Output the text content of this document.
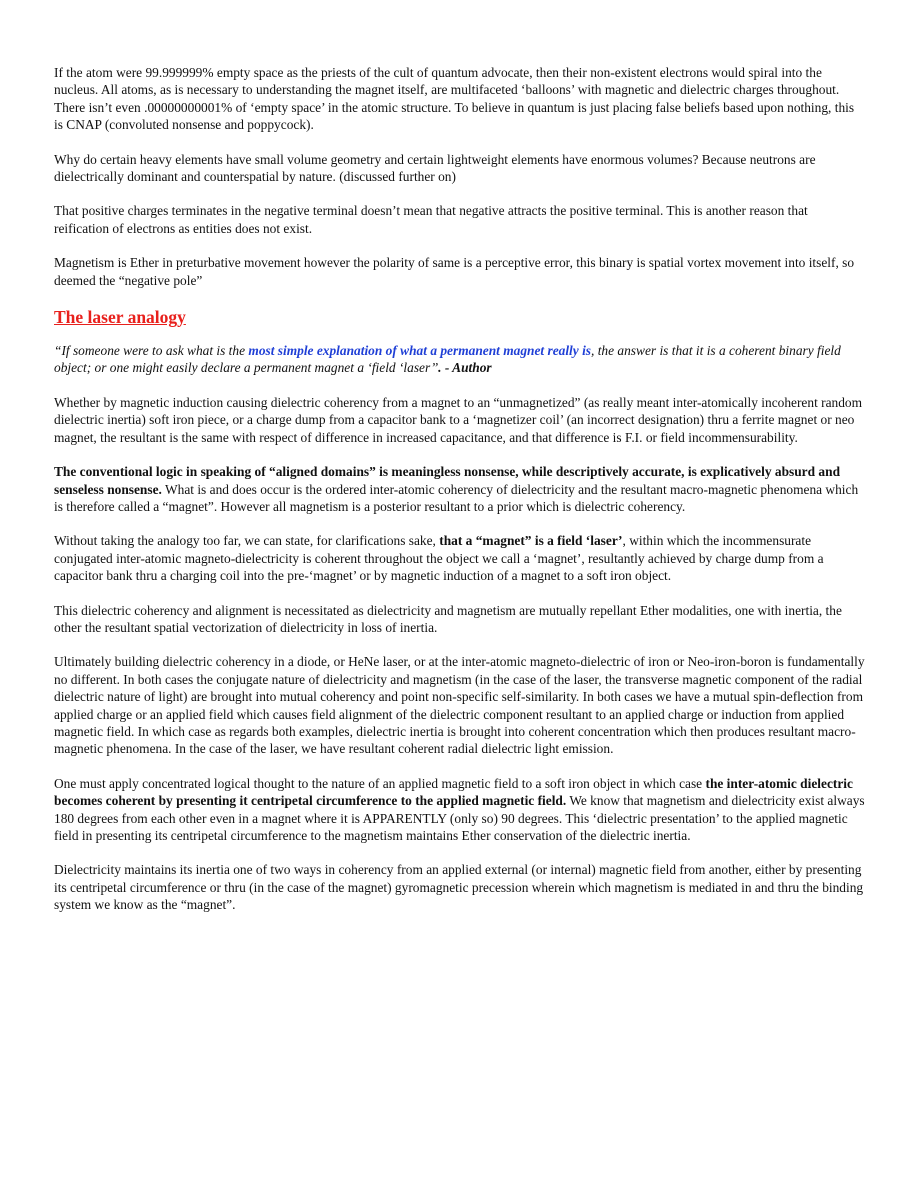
If the atom were 99.999999% empty space as the priests of the cult of quantum advocate, then their non-existent electrons would spiral into the nucleus. All atoms, as is necessary to understanding the magnet itself, are multifaceted ‘balloons’ with magnetic and dielectric charges throughout. There isn’t even .00000000001% of ‘empty space’ in the atomic structure. To believe in quantum is just placing false beliefs based upon nothing, this is CNAP (convoluted nonsense and poppycock).

Why do certain heavy elements have small volume geometry and certain lightweight elements have enormous volumes? Because neutrons are dielectrically dominant and counterspatial by nature. (discussed further on)

That positive charges terminates in the negative terminal doesn’t mean that negative attracts the positive terminal. This is another reason that reification of electrons as entities does not exist.

Magnetism is Ether in preturbative movement however the polarity of same is a perceptive error, this binary is spatial vortex movement into itself, so deemed the “negative pole”

The laser analogy

“If someone were to ask what is the most simple explanation of what a permanent magnet really is, the answer is that it is a coherent binary field object; or one might easily declare a permanent magnet a ‘field ‘laser’’. - Author

Whether by magnetic induction causing dielectric coherency from a magnet to an “unmagnetized” (as really meant inter-atomically incoherent random dielectric inertia) soft iron piece, or a charge dump from a capacitor bank to a ‘magnetizer coil’ (an incorrect designation) thru a ferrite magnet or neo magnet, the resultant is the same with respect of difference in increased capacitance, and that difference is F.I. or field incommensurability.

The conventional logic in speaking of “aligned domains” is meaningless nonsense, while descriptively accurate, is explicatively absurd and senseless nonsense. What is and does occur is the ordered inter-atomic coherency of dielectricity and the resultant macro-magnetic phenomena which is therefore called a “magnet”. However all magnetism is a posterior resultant to a prior which is dielectric coherency.

Without taking the analogy too far, we can state, for clarifications sake, that a “magnet” is a field ‘laser’, within which the incommensurate conjugated inter-atomic magneto-dielectricity is coherent throughout the object we call a ‘magnet’, resultantly achieved by charge dump from a capacitor bank thru a charging coil into the pre-‘magnet’ or by magnetic induction of a magnet to a soft iron object.

This dielectric coherency and alignment is necessitated as dielectricity and magnetism are mutually repellant Ether modalities, one with inertia, the other the resultant spatial vectorization of dielectricity in loss of inertia.

Ultimately building dielectric coherency in a diode, or HeNe laser, or at the inter-atomic magneto-dielectric of iron or Neo-iron-boron is fundamentally no different. In both cases the conjugate nature of dielectricity and magnetism (in the case of the laser, the transverse magnetic component of the radial dielectric nature of light) are brought into mutual coherency and point non-specific self-similarity. In both cases we have a mutual spin-deflection from applied charge or an applied field which causes field alignment of the dielectric component resultant to an applied charge or induction from applied magnetic field. In which case as regards both examples, dielectric inertia is brought into coherent concentration which then produces resultant macro-magnetic phenomena. In the case of the laser, we have resultant coherent radial dielectric light emission.

One must apply concentrated logical thought to the nature of an applied magnetic field to a soft iron object in which case the inter-atomic dielectric becomes coherent by presenting it centripetal circumference to the applied magnetic field. We know that magnetism and dielectricity exist always 180 degrees from each other even in a magnet where it is APPARENTLY (only so) 90 degrees. This ‘dielectric presentation’ to the applied magnetic field in presenting its centripetal circumference to the magnetism maintains Ether conservation of the dielectric inertia.

Dielectricity maintains its inertia one of two ways in coherency from an applied external (or internal) magnetic field from another, either by presenting its centripetal circumference or thru (in the case of the magnet) gyromagnetic precession wherein which magnetism is mediated in and thru the binding system we know as the “magnet”.
